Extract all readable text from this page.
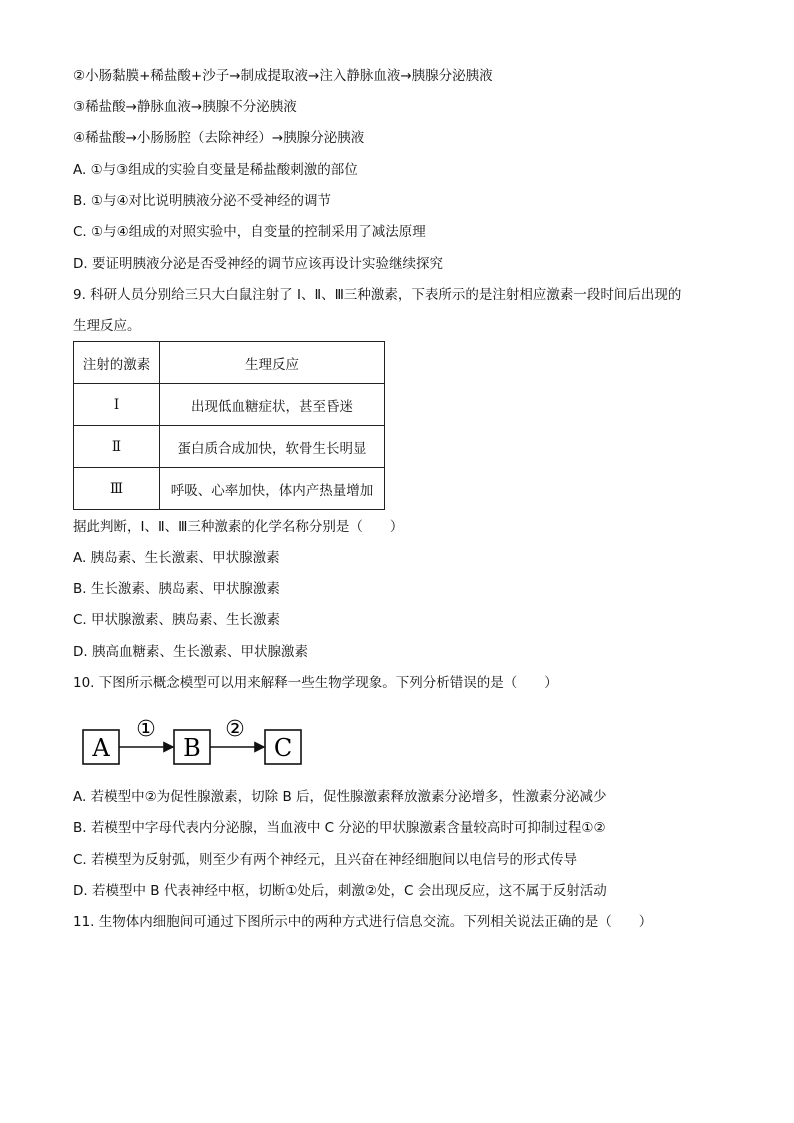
②小肠黏膜+稀盐酸+沙子→制成提取液→注入静脉血液→胰腺分泌胰液
③稀盐酸→静脉血液→胰腺不分泌胰液
④稀盐酸→小肠肠腔（去除神经）→胰腺分泌胰液
A. ①与③组成的实验自变量是稀盐酸刺激的部位
B. ①与④对比说明胰液分泌不受神经的调节
C. ①与④组成的对照实验中，自变量的控制采用了减法原理
D. 要证明胰液分泌是否受神经的调节应该再设计实验继续探究
9. 科研人员分别给三只大白鼠注射了 Ⅰ、Ⅱ、Ⅲ三种激素，下表所示的是注射相应激素一段时间后出现的
生理反应。
注射的激素	生理反应
Ⅰ	出现低血糖症状，甚至昏迷
Ⅱ	蛋白质合成加快，软骨生长明显
Ⅲ	呼吸、心率加快，体内产热量增加
据此判断，Ⅰ、Ⅱ、Ⅲ三种激素的化学名称分别是（　　）
A. 胰岛素、生长激素、甲状腺激素
B. 生长激素、胰岛素、甲状腺激素
C. 甲状腺激素、胰岛素、生长激素
D. 胰高血糖素、生长激素、甲状腺激素
10. 下图所示概念模型可以用来解释一些生物学现象。下列分析错误的是（　　）
A
①
B
②
C
A. 若模型中②为促性腺激素，切除 B 后，促性腺激素释放激素分泌增多，性激素分泌减少
B. 若模型中字母代表内分泌腺，当血液中 C 分泌的甲状腺激素含量较高时可抑制过程①②
C. 若模型为反射弧，则至少有两个神经元，且兴奋在神经细胞间以电信号的形式传导
D. 若模型中 B 代表神经中枢，切断①处后，刺激②处，C 会出现反应，这不属于反射活动
11. 生物体内细胞间可通过下图所示中的两种方式进行信息交流。下列相关说法正确的是（　　）
